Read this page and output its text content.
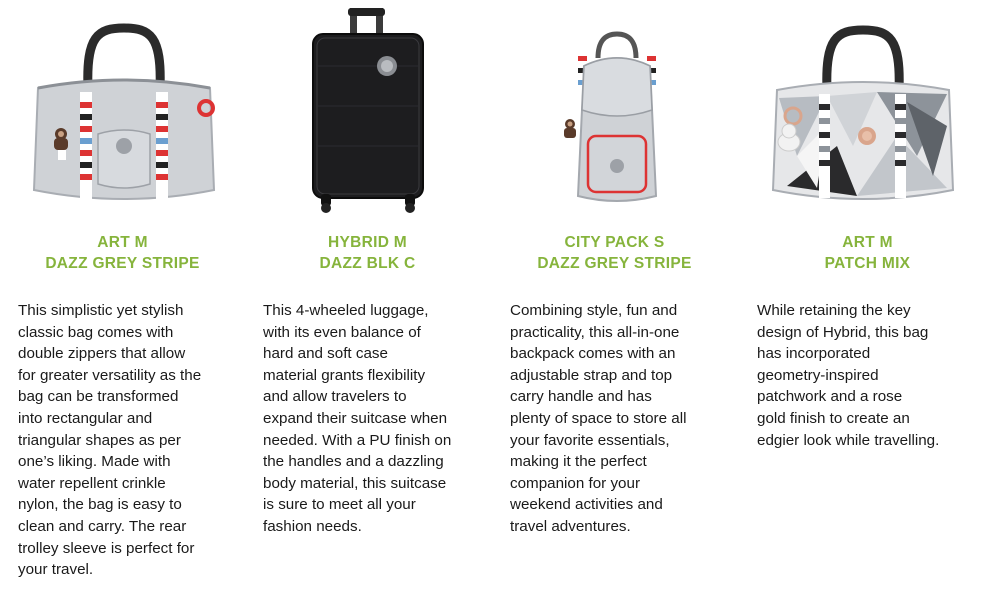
ART M
DAZZ GREY STRIPE
This simplistic yet stylish
classic bag comes with
double zippers that allow
for greater versatility as the
bag can be transformed
into rectangular and
triangular shapes as per
one’s liking. Made with
water repellent crinkle
nylon, the bag is easy to
clean and carry. The rear
trolley sleeve is perfect for
your travel.
HYBRID M
DAZZ BLK C
This 4-wheeled luggage,
with its even balance of
hard and soft case
material grants flexibility
and allow travelers to
expand their suitcase when
needed. With a PU finish on
the handles and a dazzling
body material, this suitcase
is sure to meet all your
fashion needs.
CITY PACK S
DAZZ GREY STRIPE
Combining style, fun and
practicality, this all-in-one
backpack comes with an
adjustable strap and top
carry handle and has
plenty of space to store all
your favorite essentials,
making it the perfect
companion for your
weekend activities and
travel adventures.
ART M
PATCH MIX
While retaining the key
design of Hybrid, this bag
has incorporated
geometry-inspired
patchwork and a rose
gold finish to create an
edgier look while travelling.
